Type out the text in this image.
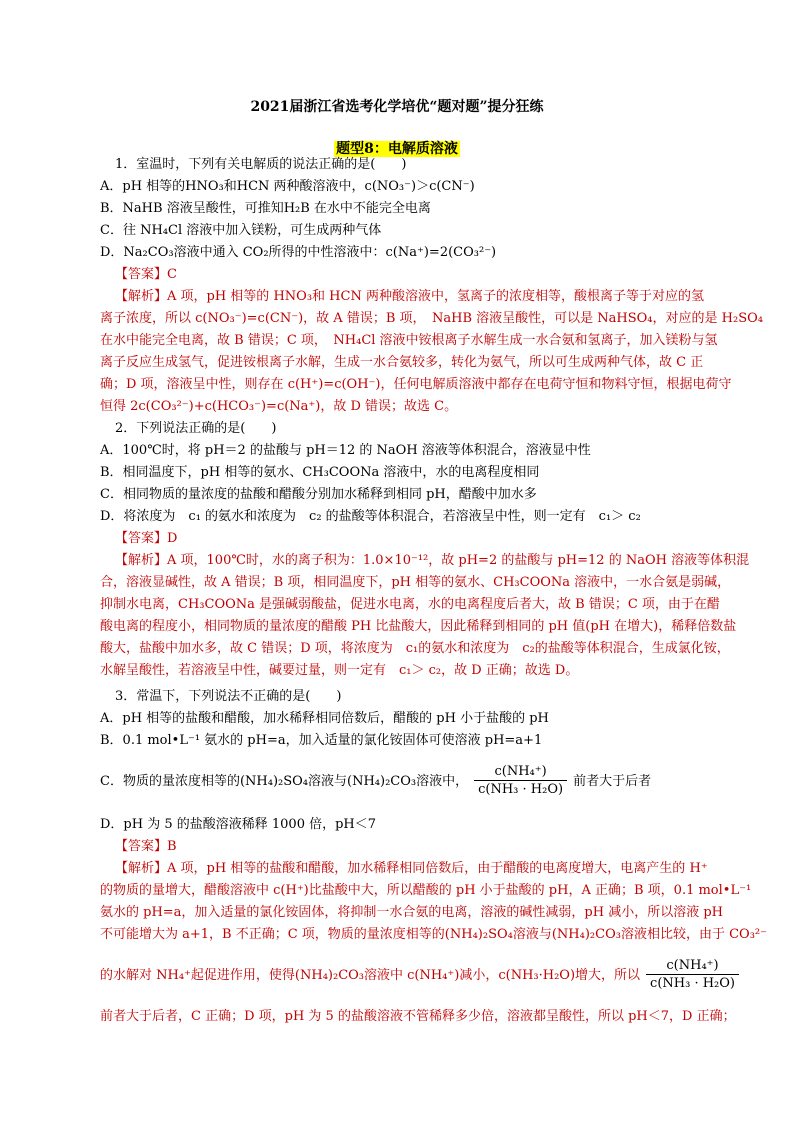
2021届浙江省选考化学培优“题对题”提分狂练
题型8：电解质溶液
1．室温时，下列有关电解质的说法正确的是(　　)
A．pH 相等的HNO₃和HCN 两种酸溶液中，c(NO₃⁻)＞c(CN⁻)
B．NaHB 溶液呈酸性，可推知H₂B 在水中不能完全电离
C．往 NH₄Cl 溶液中加入镁粉，可生成两种气体
D．Na₂CO₃溶液中通入 CO₂所得的中性溶液中：c(Na⁺)=2(CO₃²⁻)
【答案】C
【解析】A 项，pH 相等的 HNO₃和 HCN 两种酸溶液中，氢离子的浓度相等，酸根离子等于对应的氢
离子浓度，所以 c(NO₃⁻)=c(CN⁻)，故 A 错误；B 项，　NaHB 溶液呈酸性，可以是 NaHSO₄，对应的是 H₂SO₄
在水中能完全电离，故 B 错误；C 项，　NH₄Cl 溶液中铵根离子水解生成一水合氨和氢离子，加入镁粉与氢
离子反应生成氢气，促进铵根离子水解，生成一水合氨较多，转化为氨气，所以可生成两种气体，故 C 正
确；D 项，溶液呈中性，则存在 c(H⁺)=c(OH⁻)，任何电解质溶液中都存在电荷守恒和物料守恒，根据电荷守
恒得 2c(CO₃²⁻)+c(HCO₃⁻)=c(Na⁺)，故 D 错误；故选 C。
2．下列说法正确的是(　　)
A．100℃时，将 pH＝2 的盐酸与 pH＝12 的 NaOH 溶液等体积混合，溶液显中性
B．相同温度下，pH 相等的氨水、CH₃COONa 溶液中，水的电离程度相同
C．相同物质的量浓度的盐酸和醋酸分别加水稀释到相同 pH，醋酸中加水多
D．将浓度为　c₁ 的氨水和浓度为　c₂ 的盐酸等体积混合，若溶液呈中性，则一定有　c₁＞ c₂
【答案】D
【解析】A 项，100℃时，水的离子积为：1.0×10⁻¹²，故 pH=2 的盐酸与 pH=12 的 NaOH 溶液等体积混
合，溶液显碱性，故 A 错误；B 项，相同温度下，pH 相等的氨水、CH₃COONa 溶液中，一水合氨是弱碱，
抑制水电离，CH₃COONa 是强碱弱酸盐，促进水电离，水的电离程度后者大，故 B 错误；C 项，由于在醋
酸电离的程度小，相同物质的量浓度的醋酸 PH 比盐酸大，因此稀释到相同的 pH 值(pH 在增大)，稀释倍数盐
酸大，盐酸中加水多，故 C 错误；D 项，将浓度为　c₁的氨水和浓度为　c₂的盐酸等体积混合，生成氯化铵，
水解呈酸性，若溶液呈中性，碱要过量，则一定有　c₁＞ c₂，故 D 正确；故选 D。
3．常温下，下列说法不正确的是(　　)
A．pH 相等的盐酸和醋酸，加水稀释相同倍数后，醋酸的 pH 小于盐酸的 pH
B．0.1 mol•L⁻¹ 氨水的 pH=a，加入适量的氯化铵固体可使溶液 pH=a+1
C．物质的量浓度相等的(NH₄)₂SO₄溶液与(NH₄)₂CO₃溶液中， $\frac{\text{c(NH₄⁺)}}{\text{c(NH₃ · H₂O)}}$ 前者大于后者
D．pH 为 5 的盐酸溶液稀释 1000 倍，pH＜7
【答案】B
【解析】A 项，pH 相等的盐酸和醋酸，加水稀释相同倍数后，由于醋酸的电离度增大，电离产生的 H⁺
的物质的量增大，醋酸溶液中 c(H⁺)比盐酸中大，所以醋酸的 pH 小于盐酸的 pH，A 正确；B 项，0.1 mol•L⁻¹
氨水的 pH=a，加入适量的氯化铵固体，将抑制一水合氨的电离，溶液的碱性减弱，pH 减小，所以溶液 pH
不可能增大为 a+1，B 不正确；C 项，物质的量浓度相等的(NH₄)₂SO₄溶液与(NH₄)₂CO₃溶液相比较，由于 CO₃²⁻
的水解对 NH₄⁺起促进作用，使得(NH₄)₂CO₃溶液中 c(NH₄⁺)减小，c(NH₃·H₂O)增大，所以 $\frac{\text{c(NH₄⁺)}}{\text{c(NH₃ · H₂O)}}$
前者大于后者，C 正确；D 项，pH 为 5 的盐酸溶液不管稀释多少倍，溶液都呈酸性，所以 pH＜7，D 正确；
